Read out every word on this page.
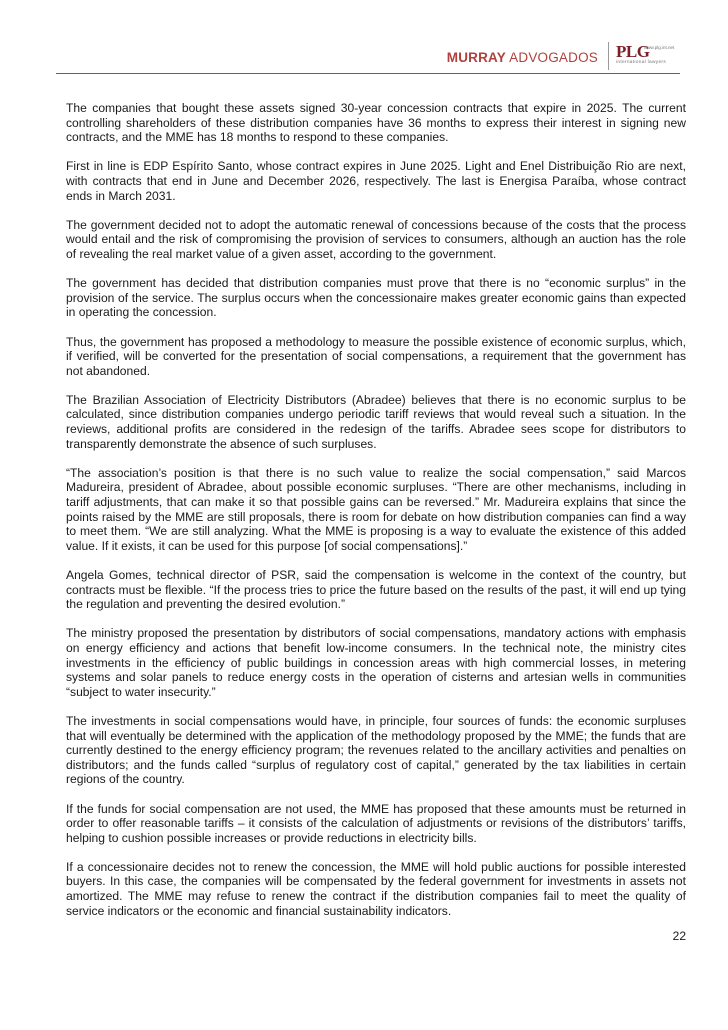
MURRAY ADVOGADOS PLG
www.plg.int.net
international lawyers

The companies that bought these assets signed 30-year concession contracts that expire in 2025. The current controlling shareholders of these distribution companies have 36 months to express their interest in signing new contracts, and the MME has 18 months to respond to these companies.

First in line is EDP Espírito Santo, whose contract expires in June 2025. Light and Enel Distribuição Rio are next, with contracts that end in June and December 2026, respectively. The last is Energisa Paraíba, whose contract ends in March 2031.

The government decided not to adopt the automatic renewal of concessions because of the costs that the process would entail and the risk of compromising the provision of services to consumers, although an auction has the role of revealing the real market value of a given asset, according to the government.

The government has decided that distribution companies must prove that there is no “economic surplus” in the provision of the service. The surplus occurs when the concessionaire makes greater economic gains than expected in operating the concession.

Thus, the government has proposed a methodology to measure the possible existence of economic surplus, which, if verified, will be converted for the presentation of social compensations, a requirement that the government has not abandoned.

The Brazilian Association of Electricity Distributors (Abradee) believes that there is no economic surplus to be calculated, since distribution companies undergo periodic tariff reviews that would reveal such a situation. In the reviews, additional profits are considered in the redesign of the tariffs. Abradee sees scope for distributors to transparently demonstrate the absence of such surpluses.

“The association’s position is that there is no such value to realize the social compensation,” said Marcos Madureira, president of Abradee, about possible economic surpluses. “There are other mechanisms, including in tariff adjustments, that can make it so that possible gains can be reversed.” Mr. Madureira explains that since the points raised by the MME are still proposals, there is room for debate on how distribution companies can find a way to meet them. “We are still analyzing. What the MME is proposing is a way to evaluate the existence of this added value. If it exists, it can be used for this purpose [of social compensations].”

Angela Gomes, technical director of PSR, said the compensation is welcome in the context of the country, but contracts must be flexible. “If the process tries to price the future based on the results of the past, it will end up tying the regulation and preventing the desired evolution.”

The ministry proposed the presentation by distributors of social compensations, mandatory actions with emphasis on energy efficiency and actions that benefit low-income consumers. In the technical note, the ministry cites investments in the efficiency of public buildings in concession areas with high commercial losses, in metering systems and solar panels to reduce energy costs in the operation of cisterns and artesian wells in communities “subject to water insecurity.”

The investments in social compensations would have, in principle, four sources of funds: the economic surpluses that will eventually be determined with the application of the methodology proposed by the MME; the funds that are currently destined to the energy efficiency program; the revenues related to the ancillary activities and penalties on distributors; and the funds called “surplus of regulatory cost of capital,” generated by the tax liabilities in certain regions of the country.

If the funds for social compensation are not used, the MME has proposed that these amounts must be returned in order to offer reasonable tariffs – it consists of the calculation of adjustments or revisions of the distributors’ tariffs, helping to cushion possible increases or provide reductions in electricity bills.

If a concessionaire decides not to renew the concession, the MME will hold public auctions for possible interested buyers. In this case, the companies will be compensated by the federal government for investments in assets not amortized. The MME may refuse to renew the contract if the distribution companies fail to meet the quality of service indicators or the economic and financial sustainability indicators.

22
